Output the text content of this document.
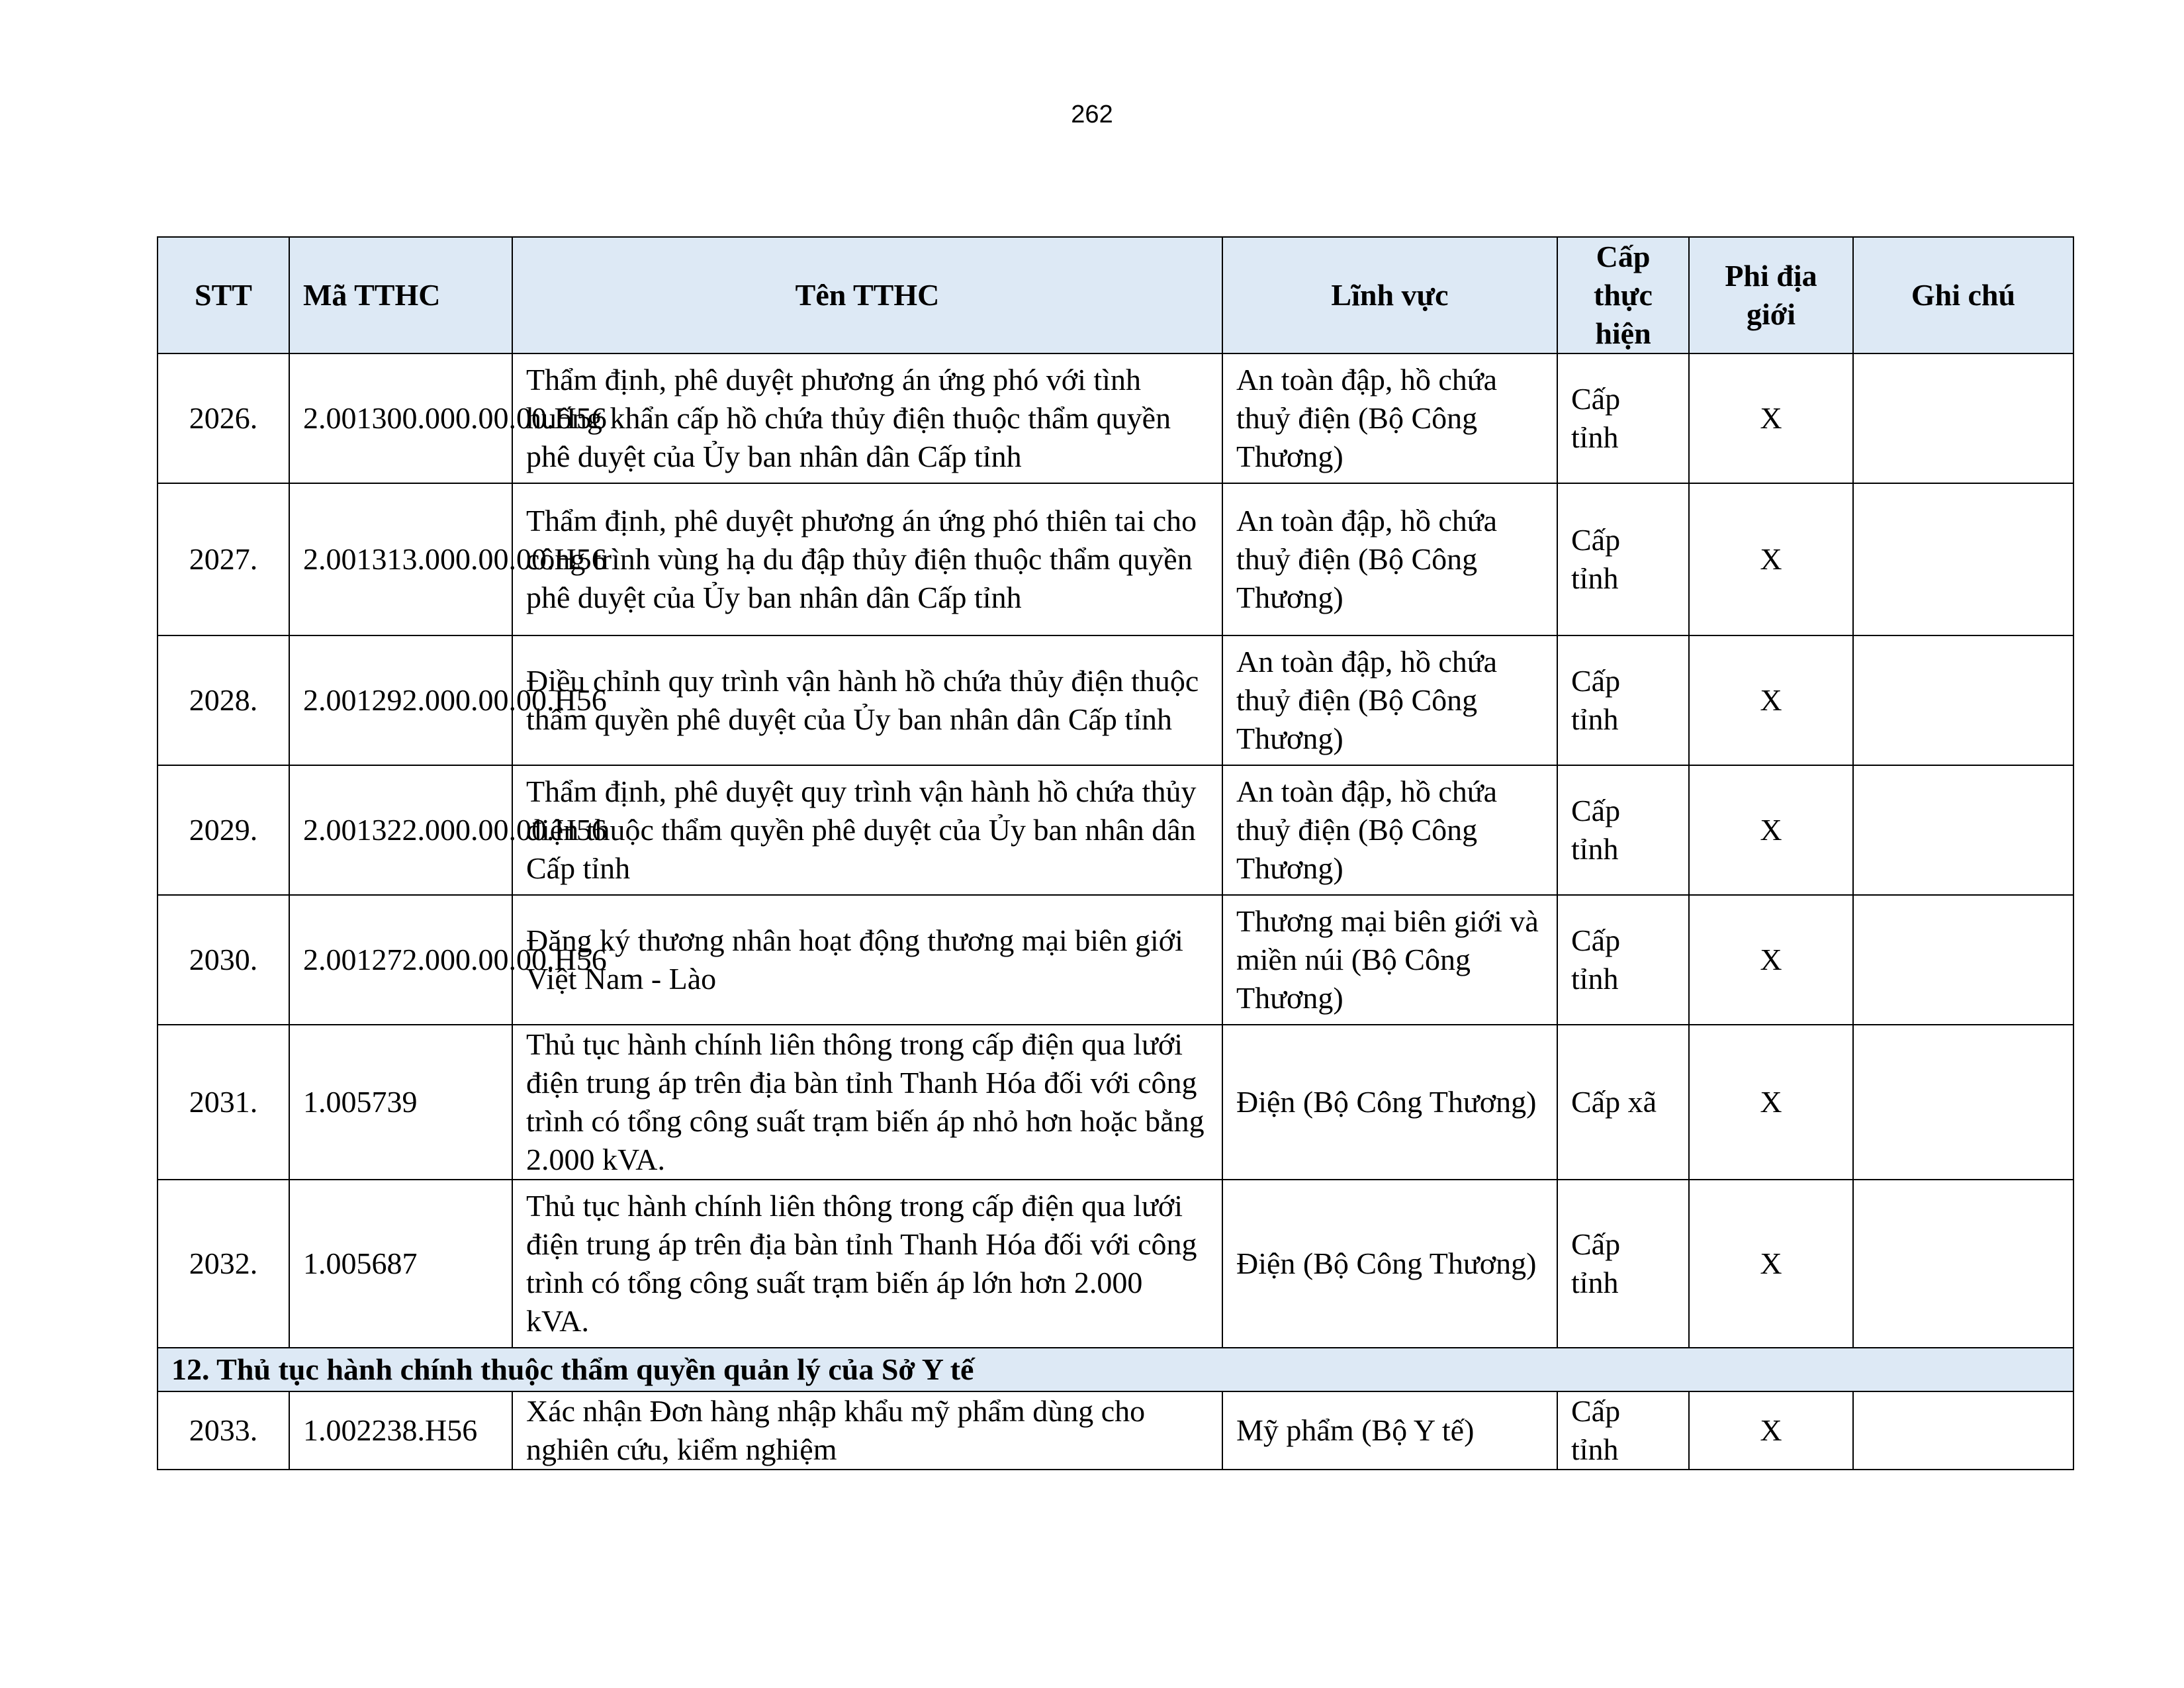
262
STT	Mã TTHC	Tên TTHC	Lĩnh vực	Cấp thực hiện	Phi địa giới	Ghi chú
2026.	2.001300.000.00.00.H56	Thẩm định, phê duyệt phương án ứng phó với tình huống khẩn cấp hồ chứa thủy điện thuộc thẩm quyền phê duyệt của Ủy ban nhân dân Cấp tỉnh	An toàn đập, hồ chứa thuỷ điện (Bộ Công Thương)	Cấp tỉnh	X	
2027.	2.001313.000.00.00.H56	Thẩm định, phê duyệt phương án ứng phó thiên tai cho công trình vùng hạ du đập thủy điện thuộc thẩm quyền phê duyệt của Ủy ban nhân dân Cấp tỉnh	An toàn đập, hồ chứa thuỷ điện (Bộ Công Thương)	Cấp tỉnh	X	
2028.	2.001292.000.00.00.H56	Điều chỉnh quy trình vận hành hồ chứa thủy điện thuộc thẩm quyền phê duyệt của Ủy ban nhân dân Cấp tỉnh	An toàn đập, hồ chứa thuỷ điện (Bộ Công Thương)	Cấp tỉnh	X	
2029.	2.001322.000.00.00.H56	Thẩm định, phê duyệt quy trình vận hành hồ chứa thủy điện thuộc thẩm quyền phê duyệt của Ủy ban nhân dân Cấp tỉnh	An toàn đập, hồ chứa thuỷ điện (Bộ Công Thương)	Cấp tỉnh	X	
2030.	2.001272.000.00.00.H56	Đăng ký thương nhân hoạt động thương mại biên giới Việt Nam - Lào	Thương mại biên giới và miền núi (Bộ Công Thương)	Cấp tỉnh	X	
2031.	1.005739	Thủ tục hành chính liên thông trong cấp điện qua lưới điện trung áp trên địa bàn tỉnh Thanh Hóa đối với công trình có tổng công suất trạm biến áp nhỏ hơn hoặc bằng 2.000 kVA.	Điện (Bộ Công Thương)	Cấp xã	X	
2032.	1.005687	Thủ tục hành chính liên thông trong cấp điện qua lưới điện trung áp trên địa bàn tỉnh Thanh Hóa đối với công trình có tổng công suất trạm biến áp lớn hơn 2.000 kVA.	Điện (Bộ Công Thương)	Cấp tỉnh	X	
12. Thủ tục hành chính thuộc thẩm quyền quản lý của Sở Y tế						
2033.	1.002238.H56	Xác nhận Đơn hàng nhập khẩu mỹ phẩm dùng cho nghiên cứu, kiểm nghiệm	Mỹ phẩm (Bộ Y tế)	Cấp tỉnh	X	
